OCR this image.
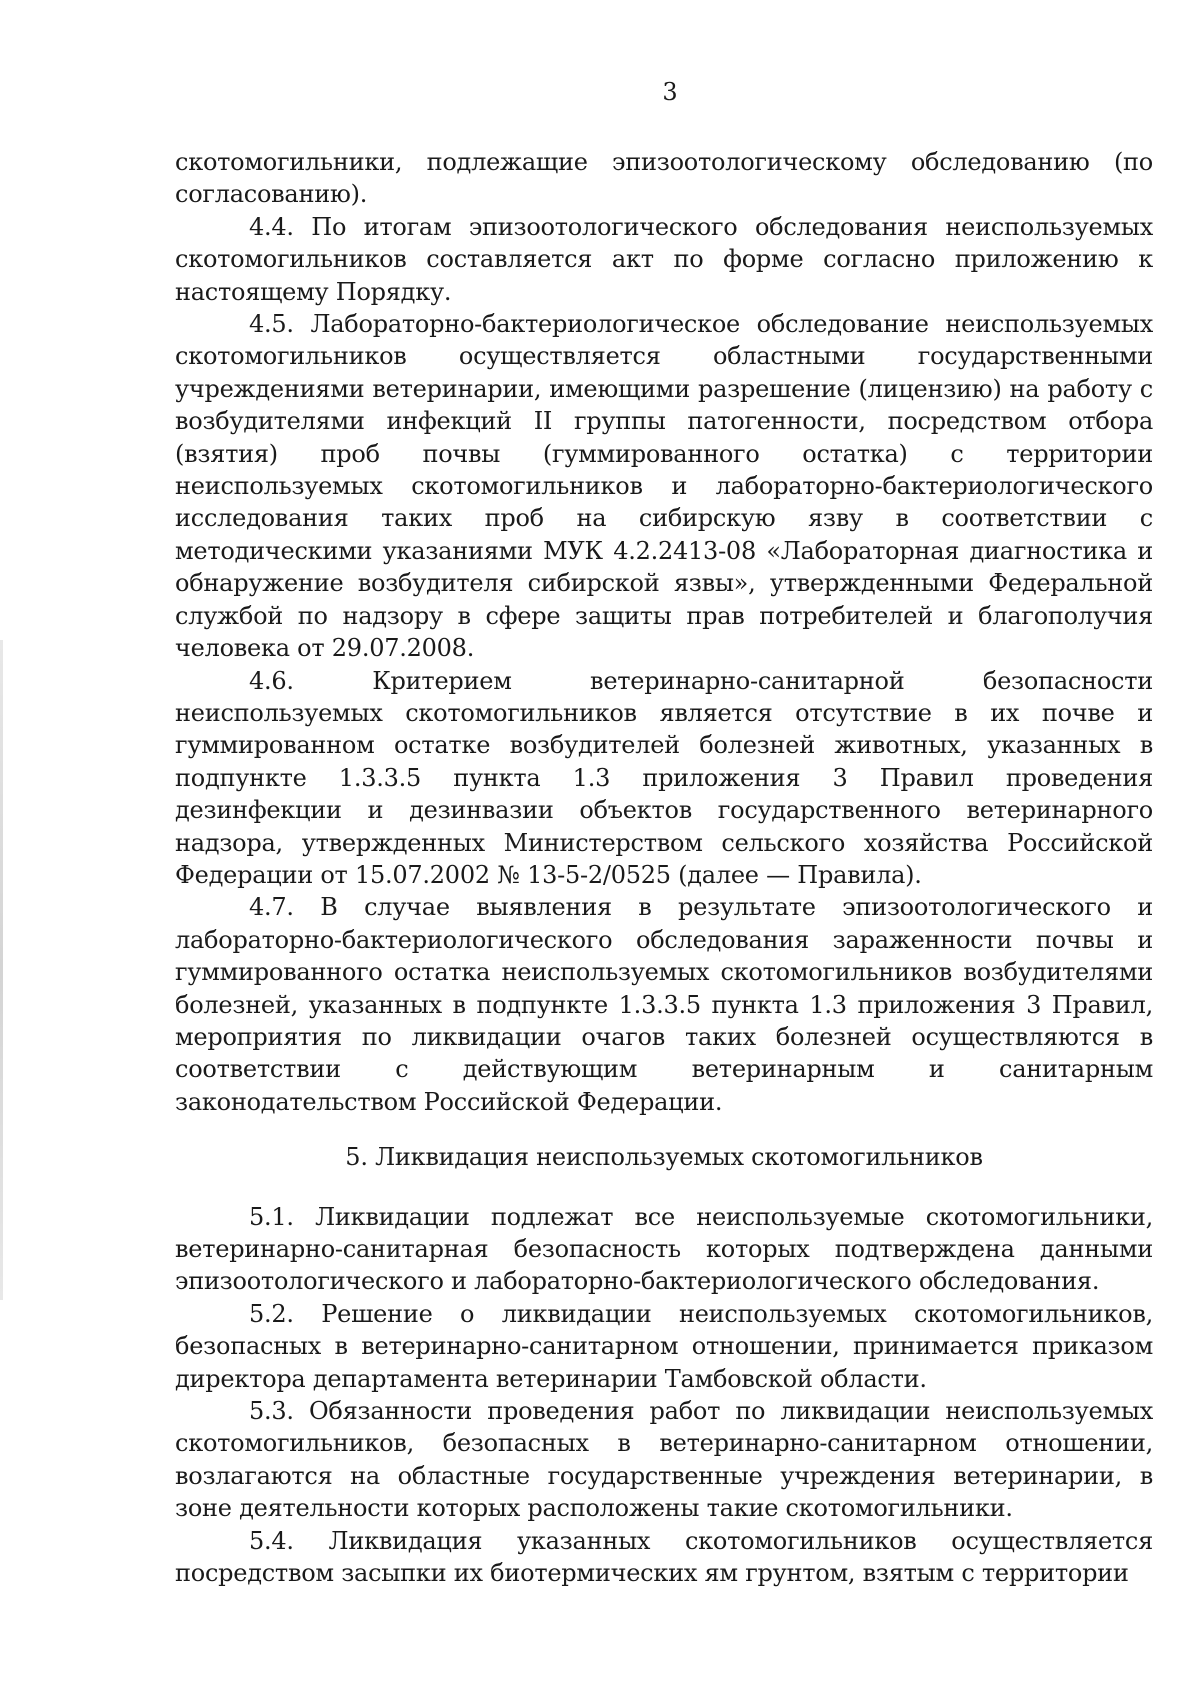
3

скотомогильники, подлежащие эпизоотологическому обследованию (по согласованию).

4.4. По итогам эпизоотологического обследования неиспользуемых скотомогильников составляется акт по форме согласно приложению к настоящему Порядку.

4.5. Лабораторно-бактериологическое обследование неиспользуемых скотомогильников осуществляется областными государственными учреждениями ветеринарии, имеющими разрешение (лицензию) на работу с возбудителями инфекций II группы патогенности, посредством отбора (взятия) проб почвы (гуммированного остатка) с территории неиспользуемых скотомогильников и лабораторно-бактериологического исследования таких проб на сибирскую язву в соответствии с методическими указаниями МУК 4.2.2413-08 «Лабораторная диагностика и обнаружение возбудителя сибирской язвы», утвержденными Федеральной службой по надзору в сфере защиты прав потребителей и благополучия человека от 29.07.2008.

4.6. Критерием ветеринарно-санитарной безопасности неиспользуемых скотомогильников является отсутствие в их почве и гуммированном остатке возбудителей болезней животных, указанных в подпункте 1.3.3.5 пункта 1.3 приложения 3 Правил проведения дезинфекции и дезинвазии объектов государственного ветеринарного надзора, утвержденных Министерством сельского хозяйства Российской Федерации от 15.07.2002 № 13-5-2/0525 (далее — Правила).

4.7. В случае выявления в результате эпизоотологического и лабораторно-бактериологического обследования зараженности почвы и гуммированного остатка неиспользуемых скотомогильников возбудителями болезней, указанных в подпункте 1.3.3.5 пункта 1.3 приложения 3 Правил, мероприятия по ликвидации очагов таких болезней осуществляются в соответствии с действующим ветеринарным и санитарным законодательством Российской Федерации.

5. Ликвидация неиспользуемых скотомогильников

5.1. Ликвидации подлежат все неиспользуемые скотомогильники, ветеринарно-санитарная безопасность которых подтверждена данными эпизоотологического и лабораторно-бактериологического обследования.

5.2. Решение о ликвидации неиспользуемых скотомогильников, безопасных в ветеринарно-санитарном отношении, принимается приказом директора департамента ветеринарии Тамбовской области.

5.3. Обязанности проведения работ по ликвидации неиспользуемых скотомогильников, безопасных в ветеринарно-санитарном отношении, возлагаются на областные государственные учреждения ветеринарии, в зоне деятельности которых расположены такие скотомогильники.

5.4. Ликвидация указанных скотомогильников осуществляется посредством засыпки их биотермических ям грунтом, взятым с территории
